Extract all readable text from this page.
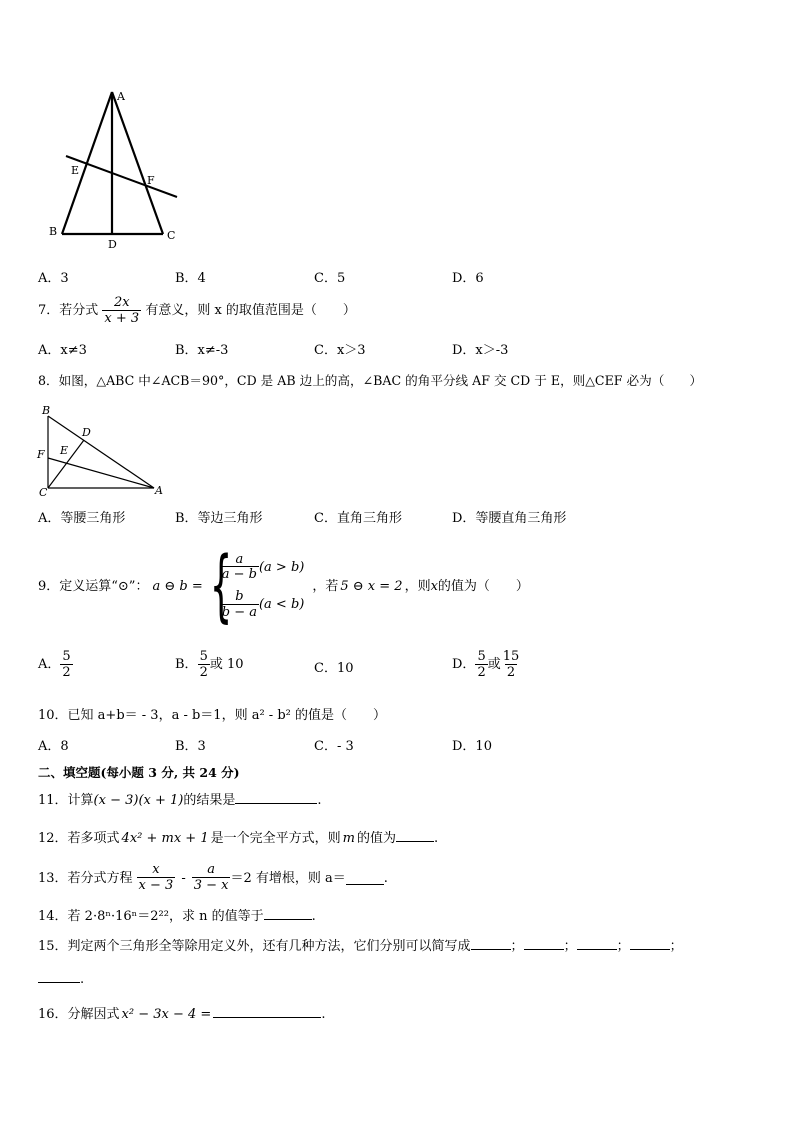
A
E
F
B
D
C
A．3	B．4	C．5	D．6
7．若分式 $\frac{2x}{x + 3}$ 有意义，则 x 的取值范围是（　　）
A．x≠3	B．x≠-3	C．x＞3	D．x＞-3
8．如图，△ABC 中∠ACB＝90°，CD 是 AB 边上的高，∠BAC 的角平分线 AF 交 CD 于 E，则△CEF 必为（　　）
B
D
E
F
C	A
A．等腰三角形	B．等边三角形	C．直角三角形	D．等腰直角三角形
9．定义运算“⊙”： a ⊖ b = {
$\frac{a}{a - b} (a > b)$
$\frac{b}{b - a} (a < b)$
，若 5 ⊖ x = 2 ，则 x 的值为（　　）
A． $\frac{5}{2}$	B． $\frac{5}{2}$ 或 10	C．10	D． $\frac{5}{2}$ 或 $\frac{15}{2}$
10．已知 a+b＝ - 3，a - b＝1，则 a² - b² 的值是（　　）
A．8	B．3	C．- 3	D．10
二、填空题(每小题 3 分, 共 24 分)
11．计算(x − 3)(x + 1)的结果是	.
12．若多项式 4x² + mx + 1 是一个完全平方式，则 m 的值为	.
13．若分式方程 $\frac{x}{x - 3} - \frac{a}{3 - x} =2$ 有增根，则 a＝	.
14．若 2·8ⁿ·16ⁿ＝2²²，求 n 的值等于	.
15．判定两个三角形全等除用定义外，还有几种方法，它们分别可以简写成	；	；	；	；
.
16．分解因式 x² − 3x − 4 =	.
